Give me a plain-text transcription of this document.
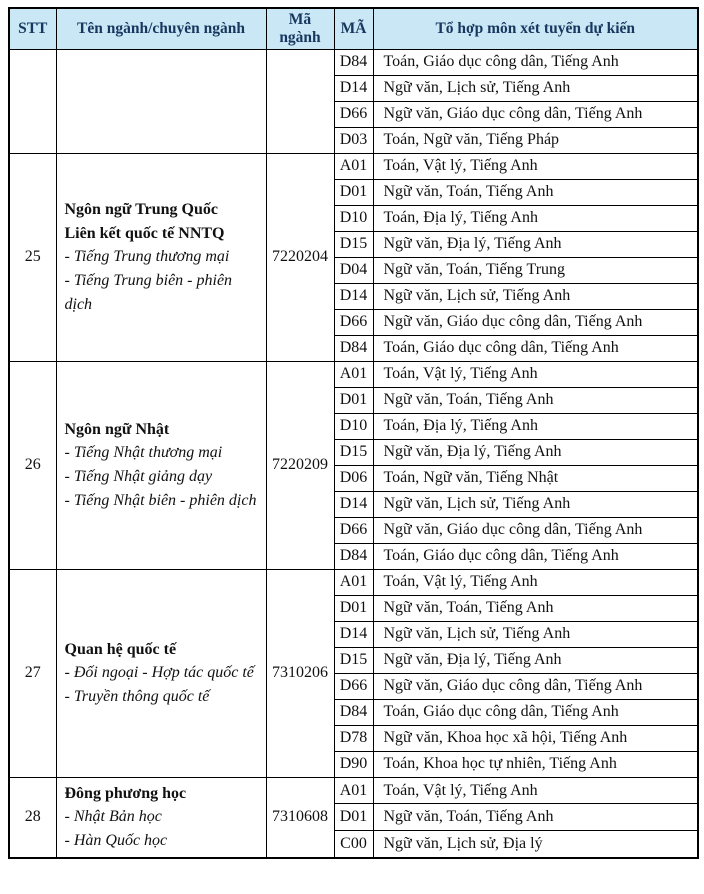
STT	Tên ngành/chuyên ngành	Mã ngành	MÃ	Tổ hợp môn xét tuyển dự kiến
			D84	Toán, Giáo dục công dân, Tiếng Anh
			D14	Ngữ văn, Lịch sử, Tiếng Anh
			D66	Ngữ văn, Giáo dục công dân, Tiếng Anh
			D03	Toán, Ngữ văn, Tiếng Pháp
25	Ngôn ngữ Trung Quốc
Liên kết quốc tế NNTQ
- Tiếng Trung thương mại
- Tiếng Trung biên - phiên dịch	7220204	A01	Toán, Vật lý, Tiếng Anh
			D01	Ngữ văn, Toán, Tiếng Anh
			D10	Toán, Địa lý, Tiếng Anh
			D15	Ngữ văn, Địa lý, Tiếng Anh
			D04	Ngữ văn, Toán, Tiếng Trung
			D14	Ngữ văn, Lịch sử, Tiếng Anh
			D66	Ngữ văn, Giáo dục công dân, Tiếng Anh
			D84	Toán, Giáo dục công dân, Tiếng Anh
26	Ngôn ngữ Nhật
- Tiếng Nhật thương mại
- Tiếng Nhật giảng dạy
- Tiếng Nhật biên - phiên dịch	7220209	A01	Toán, Vật lý, Tiếng Anh
			D01	Ngữ văn, Toán, Tiếng Anh
			D10	Toán, Địa lý, Tiếng Anh
			D15	Ngữ văn, Địa lý, Tiếng Anh
			D06	Toán, Ngữ văn, Tiếng Nhật
			D14	Ngữ văn, Lịch sử, Tiếng Anh
			D66	Ngữ văn, Giáo dục công dân, Tiếng Anh
			D84	Toán, Giáo dục công dân, Tiếng Anh
27	Quan hệ quốc tế
- Đối ngoại - Hợp tác quốc tế
- Truyền thông quốc tế	7310206	A01	Toán, Vật lý, Tiếng Anh
			D01	Ngữ văn, Toán, Tiếng Anh
			D14	Ngữ văn, Lịch sử, Tiếng Anh
			D15	Ngữ văn, Địa lý, Tiếng Anh
			D66	Ngữ văn, Giáo dục công dân, Tiếng Anh
			D84	Toán, Giáo dục công dân, Tiếng Anh
			D78	Ngữ văn, Khoa học xã hội, Tiếng Anh
			D90	Toán, Khoa học tự nhiên, Tiếng Anh
28	Đông phương học
- Nhật Bản học
- Hàn Quốc học	7310608	A01	Toán, Vật lý, Tiếng Anh
			D01	Ngữ văn, Toán, Tiếng Anh
			C00	Ngữ văn, Lịch sử, Địa lý
